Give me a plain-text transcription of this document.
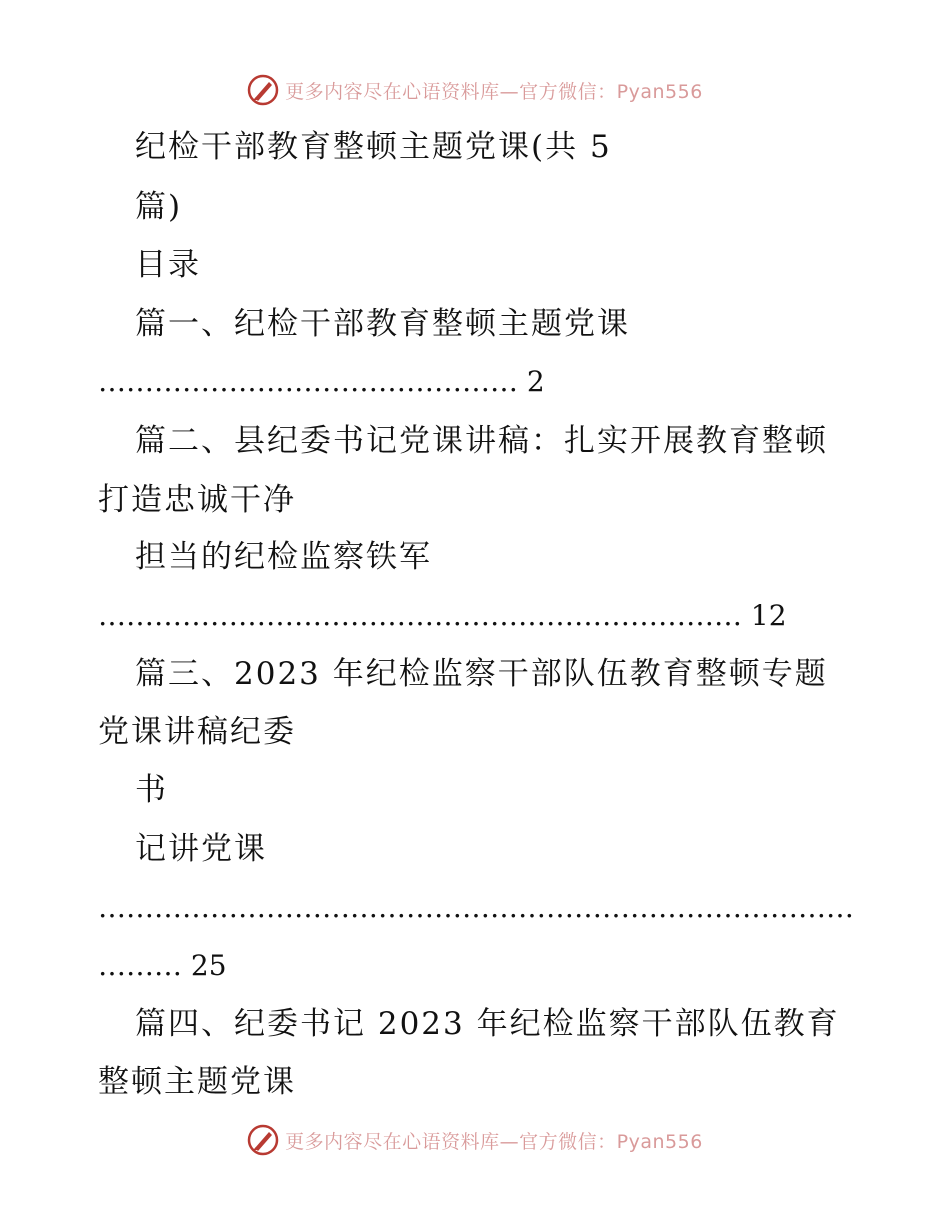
更多内容尽在心语资料库—官方微信：Pyan556
纪检干部教育整顿主题党课(共 5
篇)
目录
篇一、纪检干部教育整顿主题党课
……………………………………… 2
篇二、县纪委书记党课讲稿：扎实开展教育整顿
打造忠诚干净
担当的纪检监察铁军
…………………………………………………………… 12
篇三、2023 年纪检监察干部队伍教育整顿专题
党课讲稿纪委
书
记讲党课
………………………………………………………………………
……… 25
篇四、纪委书记 2023 年纪检监察干部队伍教育
整顿主题党课
更多内容尽在心语资料库—官方微信：Pyan556
